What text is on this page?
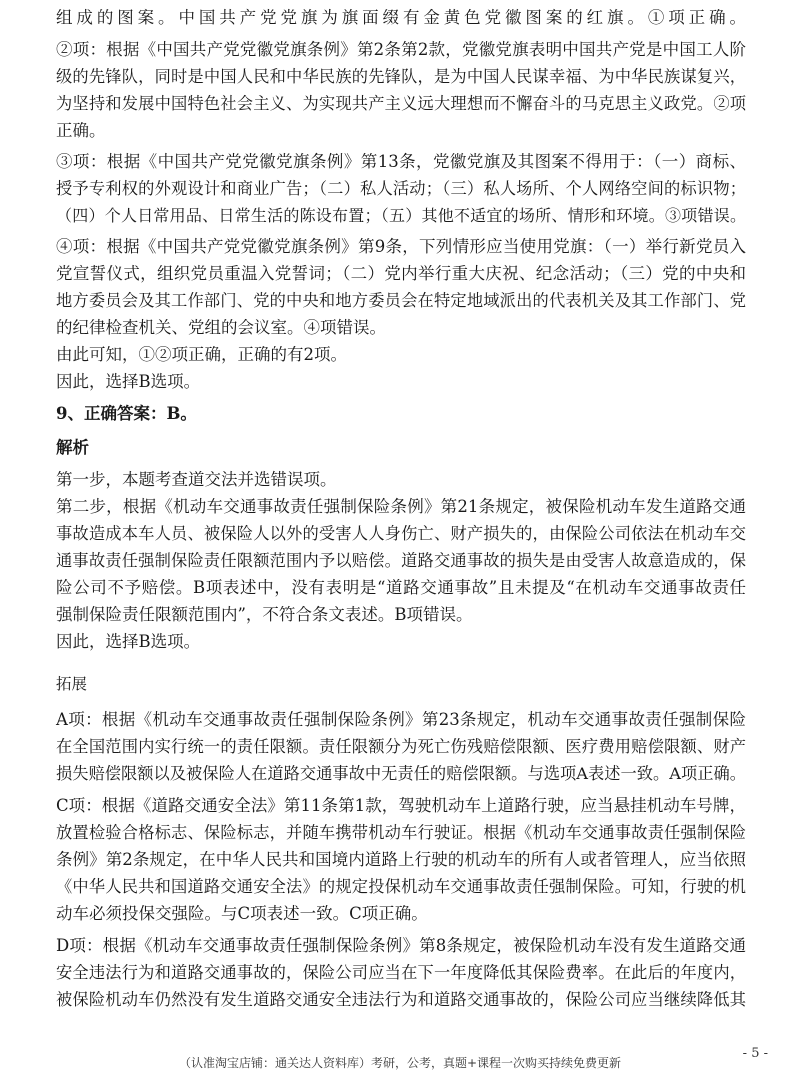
组成的图案。中国共产党党旗为旗面缀有金黄色党徽图案的红旗。①项正确。
②项：根据《中国共产党党徽党旗条例》第2条第2款，党徽党旗表明中国共产党是中国工人阶
级的先锋队，同时是中国人民和中华民族的先锋队，是为中国人民谋幸福、为中华民族谋复兴，
为坚持和发展中国特色社会主义、为实现共产主义远大理想而不懈奋斗的马克思主义政党。②项
正确。
③项：根据《中国共产党党徽党旗条例》第13条，党徽党旗及其图案不得用于：（一）商标、
授予专利权的外观设计和商业广告；（二）私人活动；（三）私人场所、个人网络空间的标识物；
（四）个人日常用品、日常生活的陈设布置；（五）其他不适宜的场所、情形和环境。③项错误。
④项：根据《中国共产党党徽党旗条例》第9条，下列情形应当使用党旗：（一）举行新党员入
党宣誓仪式，组织党员重温入党誓词；（二）党内举行重大庆祝、纪念活动；（三）党的中央和
地方委员会及其工作部门、党的中央和地方委员会在特定地域派出的代表机关及其工作部门、党
的纪律检查机关、党组的会议室。④项错误。
由此可知，①②项正确，正确的有2项。
因此，选择B选项。
9、正确答案：B。
解析
第一步，本题考查道交法并选错误项。
第二步，根据《机动车交通事故责任强制保险条例》第21条规定，被保险机动车发生道路交通
事故造成本车人员、被保险人以外的受害人人身伤亡、财产损失的，由保险公司依法在机动车交
通事故责任强制保险责任限额范围内予以赔偿。道路交通事故的损失是由受害人故意造成的，保
险公司不予赔偿。B项表述中，没有表明是“道路交通事故”且未提及“在机动车交通事故责任
强制保险责任限额范围内”，不符合条文表述。B项错误。
因此，选择B选项。
拓展
A项：根据《机动车交通事故责任强制保险条例》第23条规定，机动车交通事故责任强制保险
在全国范围内实行统一的责任限额。责任限额分为死亡伤残赔偿限额、医疗费用赔偿限额、财产
损失赔偿限额以及被保险人在道路交通事故中无责任的赔偿限额。与选项A表述一致。A项正确。
C项：根据《道路交通安全法》第11条第1款，驾驶机动车上道路行驶，应当悬挂机动车号牌，
放置检验合格标志、保险标志，并随车携带机动车行驶证。根据《机动车交通事故责任强制保险
条例》第2条规定，在中华人民共和国境内道路上行驶的机动车的所有人或者管理人，应当依照
《中华人民共和国道路交通安全法》的规定投保机动车交通事故责任强制保险。可知，行驶的机
动车必须投保交强险。与C项表述一致。C项正确。
D项：根据《机动车交通事故责任强制保险条例》第8条规定，被保险机动车没有发生道路交通
安全违法行为和道路交通事故的，保险公司应当在下一年度降低其保险费率。在此后的年度内，
被保险机动车仍然没有发生道路交通安全违法行为和道路交通事故的，保险公司应当继续降低其
（认准淘宝店铺：通关达人资料库）考研，公考，真题+课程一次购买持续免费更新
- 5 -
